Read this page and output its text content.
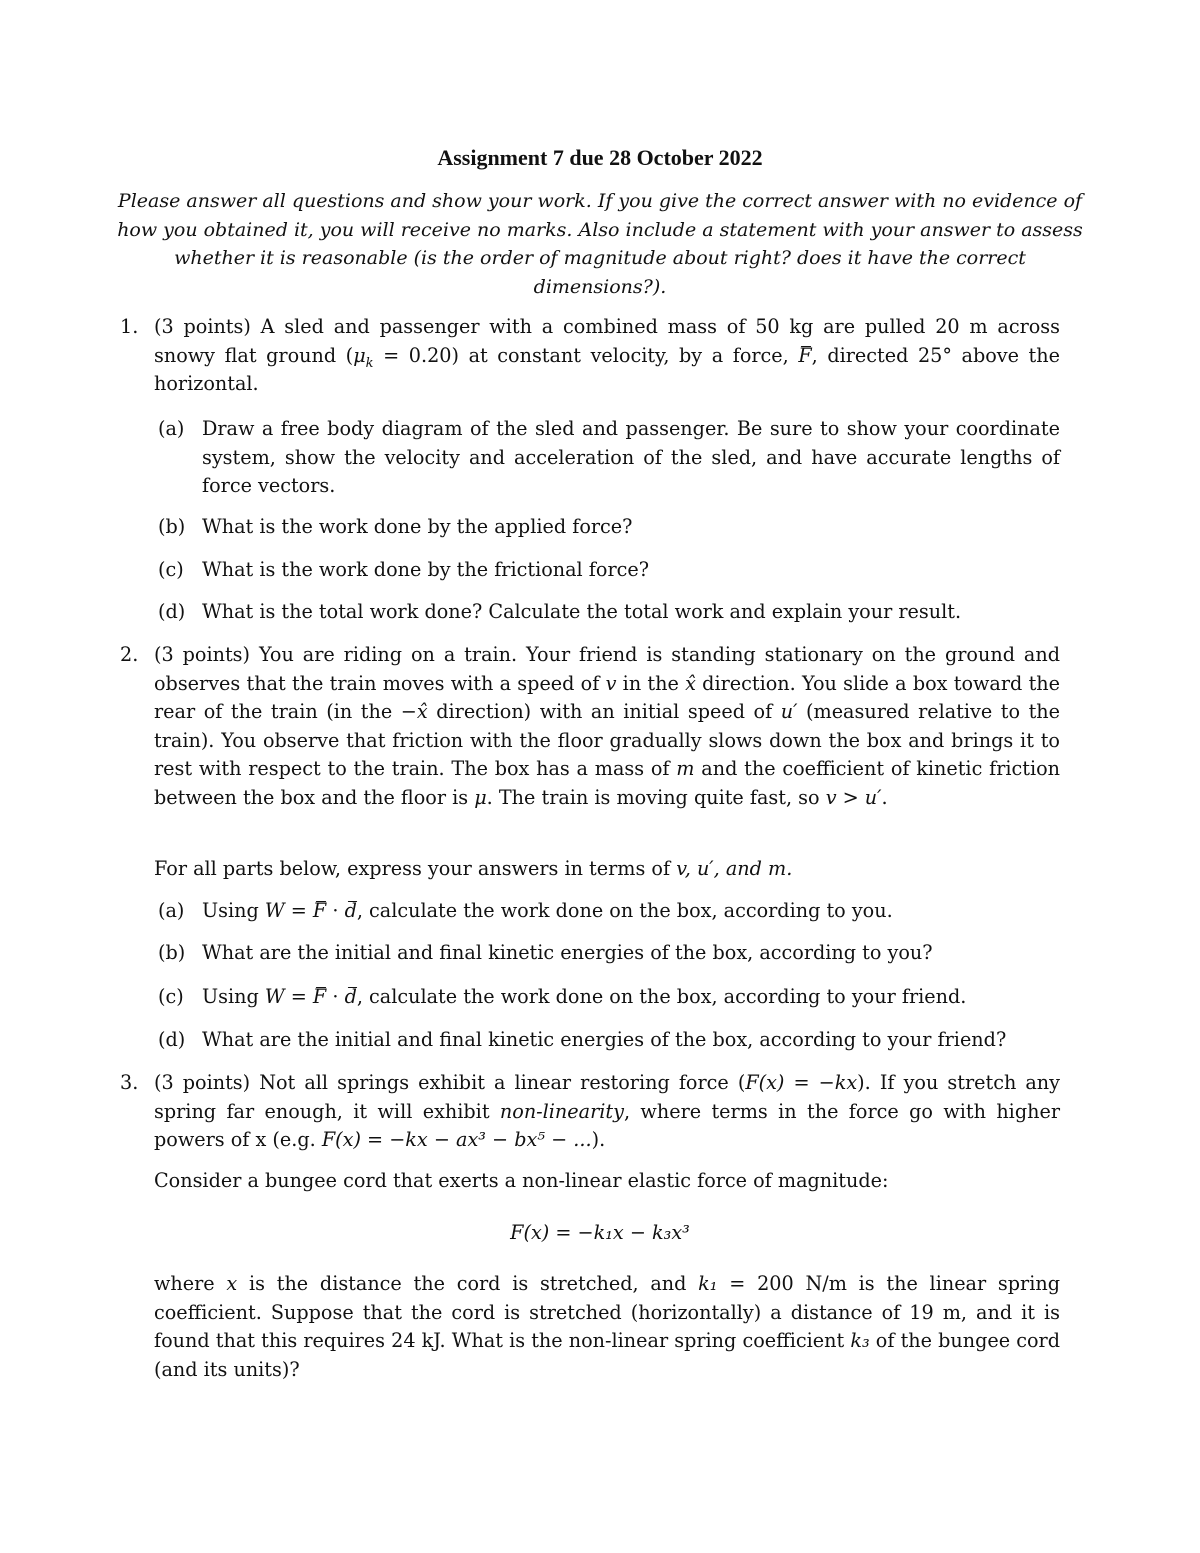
Assignment 7 due 28 October 2022
Please answer all questions and show your work. If you give the correct answer with no evidence of how you obtained it, you will receive no marks. Also include a statement with your answer to assess whether it is reasonable (is the order of magnitude about right? does it have the correct dimensions?).
1. (3 points) A sled and passenger with a combined mass of 50 kg are pulled 20 m across snowy flat ground $(\mu_k = 0.20)$ at constant velocity, by a force, F, directed 25° above the horizontal.
(a) Draw a free body diagram of the sled and passenger. Be sure to show your coordinate system, show the velocity and acceleration of the sled, and have accurate lengths of force vectors.
(b) What is the work done by the applied force?
(c) What is the work done by the frictional force?
(d) What is the total work done? Calculate the total work and explain your result.
2. (3 points) You are riding on a train. Your friend is standing stationary on the ground and observes that the train moves with a speed of v in the x̂ direction. You slide a box toward the rear of the train (in the −x̂ direction) with an initial speed of u′ (measured relative to the train). You observe that friction with the floor gradually slows down the box and brings it to rest with respect to the train. The box has a mass of m and the coefficient of kinetic friction between the box and the floor is μ. The train is moving quite fast, so v > u′.
For all parts below, express your answers in terms of v, u′, and m.
(a) Using W = F · d, calculate the work done on the box, according to you.
(b) What are the initial and final kinetic energies of the box, according to you?
(c) Using W = F · d, calculate the work done on the box, according to your friend.
(d) What are the initial and final kinetic energies of the box, according to your friend?
3. (3 points) Not all springs exhibit a linear restoring force (F(x) = −kx). If you stretch any spring far enough, it will exhibit non-linearity, where terms in the force go with higher powers of x (e.g. F(x) = −kx − ax³ − bx⁵ − ...).
Consider a bungee cord that exerts a non-linear elastic force of magnitude:
F(x) = −k₁x − k₃x³
where x is the distance the cord is stretched, and k₁ = 200 N/m is the linear spring coefficient. Suppose that the cord is stretched (horizontally) a distance of 19 m, and it is found that this requires 24 kJ. What is the non-linear spring coefficient k₃ of the bungee cord (and its units)?
